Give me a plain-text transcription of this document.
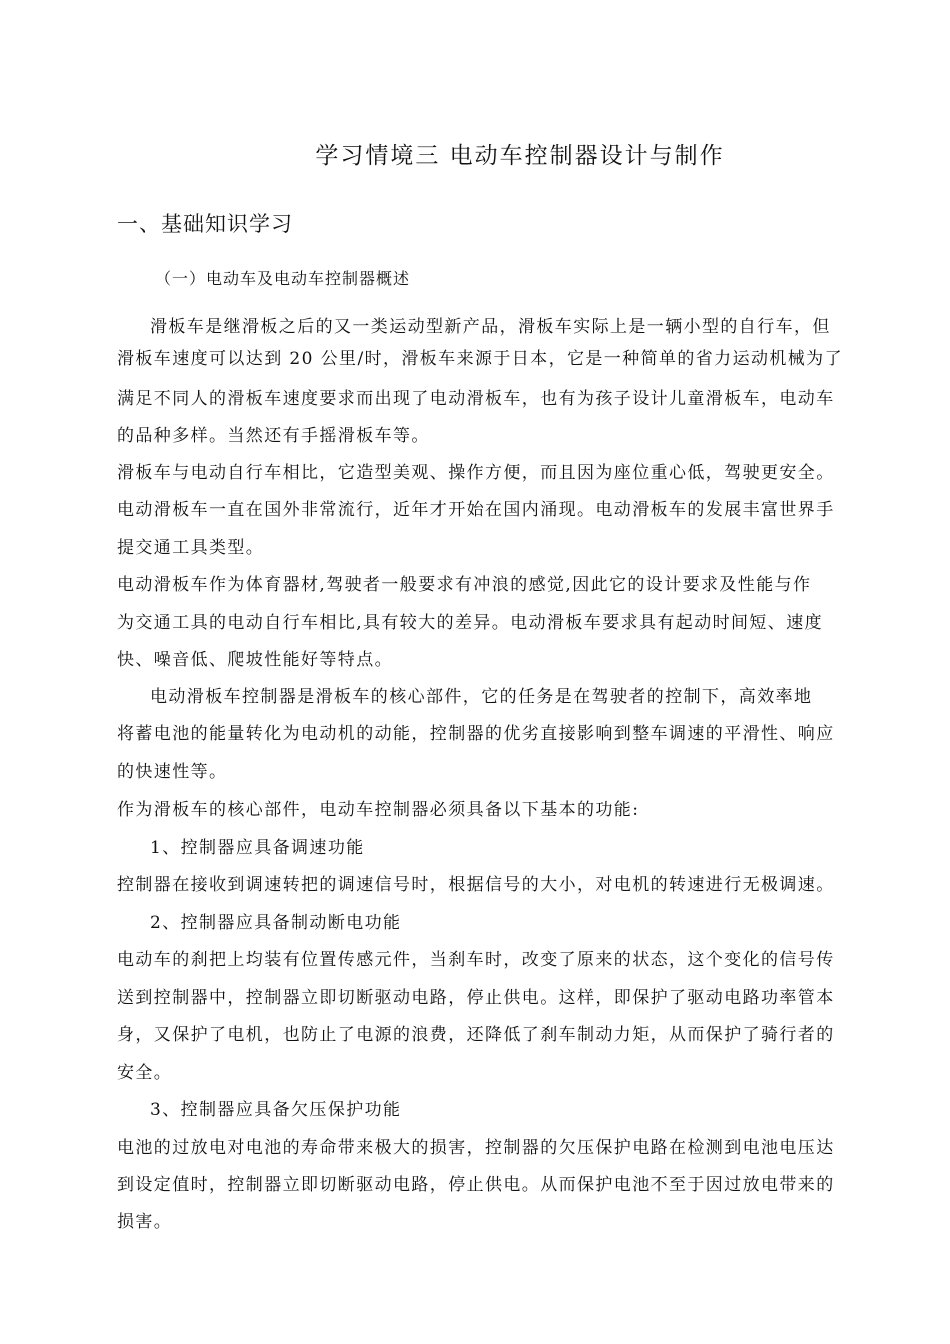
学习情境三 电动车控制器设计与制作
一、基础知识学习
（一）电动车及电动车控制器概述
滑板车是继滑板之后的又一类运动型新产品，滑板车实际上是一辆小型的自行车，但
滑板车速度可以达到 20 公里/时，滑板车来源于日本，它是一种简单的省力运动机械为了
满足不同人的滑板车速度要求而出现了电动滑板车，也有为孩子设计儿童滑板车，电动车
的品种多样。当然还有手摇滑板车等。
滑板车与电动自行车相比，它造型美观、操作方便，而且因为座位重心低，驾驶更安全。
电动滑板车一直在国外非常流行，近年才开始在国内涌现。电动滑板车的发展丰富世界手
提交通工具类型。
电动滑板车作为体育器材,驾驶者一般要求有冲浪的感觉,因此它的设计要求及性能与作
为交通工具的电动自行车相比,具有较大的差异。电动滑板车要求具有起动时间短、速度
快、噪音低、爬坡性能好等特点。
电动滑板车控制器是滑板车的核心部件，它的任务是在驾驶者的控制下，高效率地
将蓄电池的能量转化为电动机的动能，控制器的优劣直接影响到整车调速的平滑性、响应
的快速性等。
作为滑板车的核心部件，电动车控制器必须具备以下基本的功能:
1、控制器应具备调速功能
控制器在接收到调速转把的调速信号时，根据信号的大小，对电机的转速进行无极调速。
2、控制器应具备制动断电功能
电动车的刹把上均装有位置传感元件，当刹车时，改变了原来的状态，这个变化的信号传
送到控制器中，控制器立即切断驱动电路，停止供电。这样，即保护了驱动电路功率管本
身，又保护了电机，也防止了电源的浪费，还降低了刹车制动力矩，从而保护了骑行者的
安全。
3、控制器应具备欠压保护功能
电池的过放电对电池的寿命带来极大的损害，控制器的欠压保护电路在检测到电池电压达
到设定值时，控制器立即切断驱动电路，停止供电。从而保护电池不至于因过放电带来的
损害。
